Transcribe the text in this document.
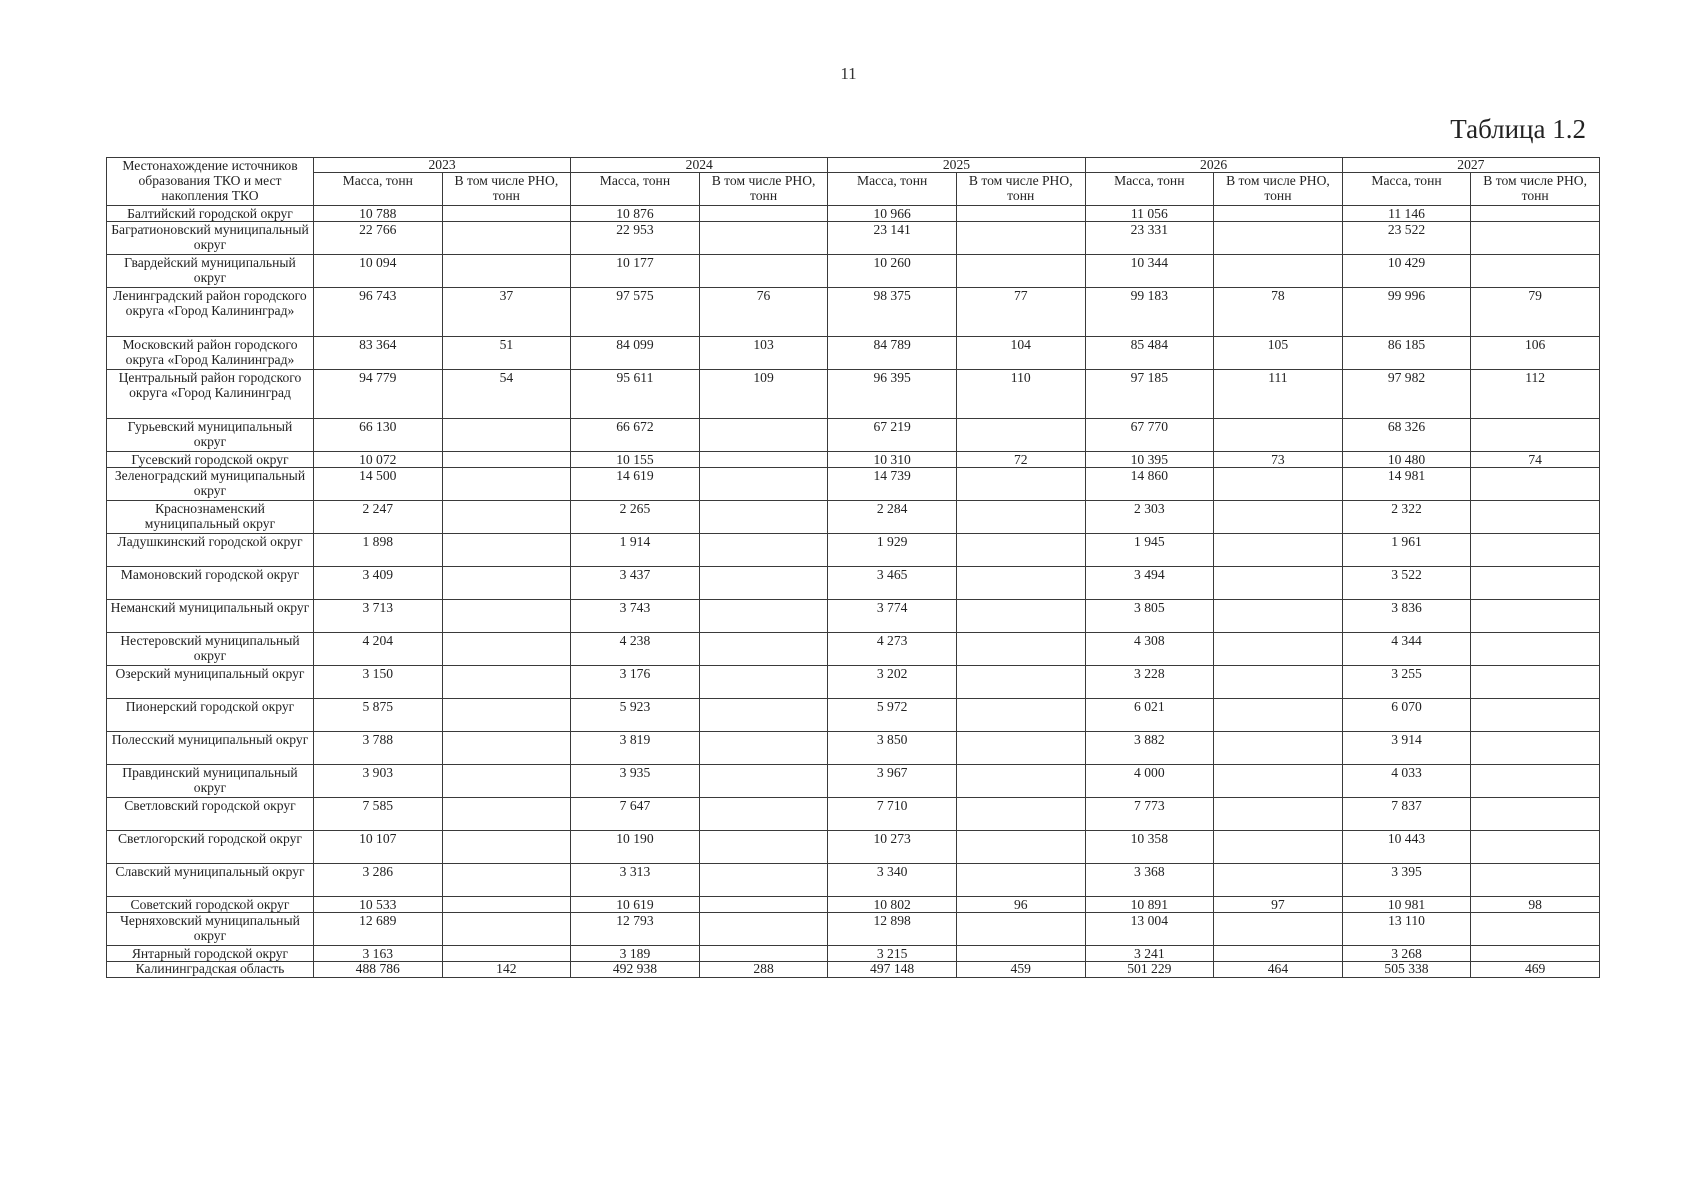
11
Таблица 1.2
Местонахождение источников образования ТКО и мест накопления ТКО	2023		2024		2025		2026		2027	
	Масса, тонн	В том числе РНО, тонн	Масса, тонн	В том числе РНО, тонн	Масса, тонн	В том числе РНО, тонн	Масса, тонн	В том числе РНО, тонн	Масса, тонн	В том числе РНО, тонн
Балтийский городской округ	10 788		10 876		10 966		11 056		11 146	
Багратионовский муниципальный округ	22 766		22 953		23 141		23 331		23 522	
Гвардейский муниципальный округ	10 094		10 177		10 260		10 344		10 429	
Ленинградский район городского округа «Город Калининград»	96 743	37	97 575	76	98 375	77	99 183	78	99 996	79
Московский район городского округа «Город Калининград»	83 364	51	84 099	103	84 789	104	85 484	105	86 185	106
Центральный район городского округа «Город Калининград	94 779	54	95 611	109	96 395	110	97 185	111	97 982	112
Гурьевский муниципальный округ	66 130		66 672		67 219		67 770		68 326	
Гусевский городской округ	10 072		10 155		10 310	72	10 395	73	10 480	74
Зеленоградский муниципальный округ	14 500		14 619		14 739		14 860		14 981	
Краснознаменский муниципальный округ	2 247		2 265		2 284		2 303		2 322	
Ладушкинский городской округ	1 898		1 914		1 929		1 945		1 961	
Мамоновский городской округ	3 409		3 437		3 465		3 494		3 522	
Неманский муниципальный округ	3 713		3 743		3 774		3 805		3 836	
Нестеровский муниципальный округ	4 204		4 238		4 273		4 308		4 344	
Озерский муниципальный округ	3 150		3 176		3 202		3 228		3 255	
Пионерский городской округ	5 875		5 923		5 972		6 021		6 070	
Полесский муниципальный округ	3 788		3 819		3 850		3 882		3 914	
Правдинский муниципальный округ	3 903		3 935		3 967		4 000		4 033	
Светловский городской округ	7 585		7 647		7 710		7 773		7 837	
Светлогорский городской округ	10 107		10 190		10 273		10 358		10 443	
Славский муниципальный округ	3 286		3 313		3 340		3 368		3 395	
Советский городской округ	10 533		10 619		10 802	96	10 891	97	10 981	98
Черняховский муниципальный округ	12 689		12 793		12 898		13 004		13 110	
Янтарный городской округ	3 163		3 189		3 215		3 241		3 268	
Калининградская область	488 786	142	492 938	288	497 148	459	501 229	464	505 338	469
